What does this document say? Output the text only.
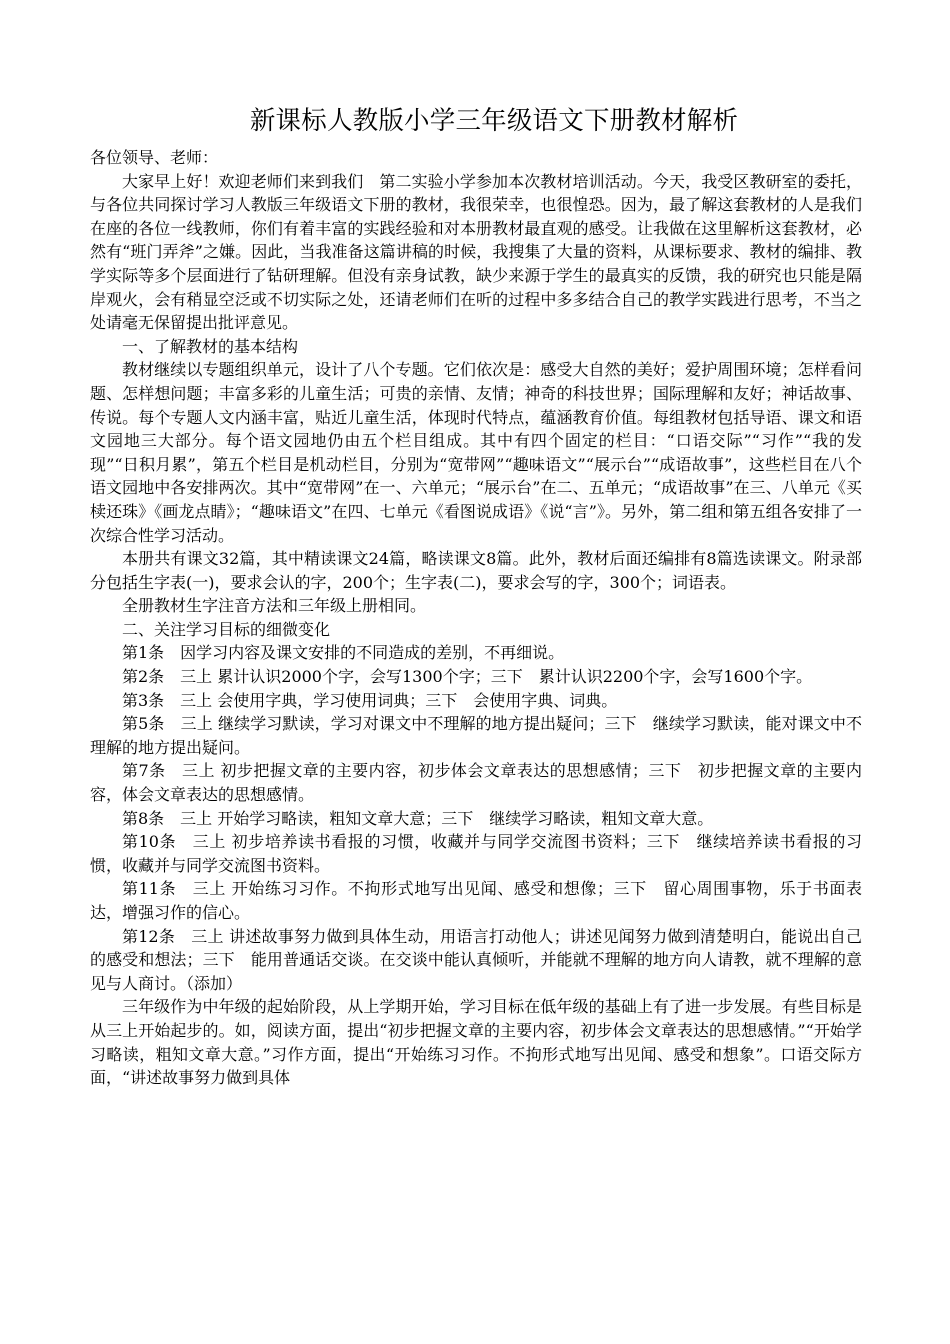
新课标人教版小学三年级语文下册教材解析

各位领导、老师：

大家早上好！欢迎老师们来到我们　第二实验小学参加本次教材培训活动。今天，我受区教研室的委托，与各位共同探讨学习人教版三年级语文下册的教材，我很荣幸，也很惶恐。因为，最了解这套教材的人是我们在座的各位一线教师，你们有着丰富的实践经验和对本册教材最直观的感受。让我做在这里解析这套教材，必然有“班门弄斧”之嫌。因此，当我准备这篇讲稿的时候，我搜集了大量的资料，从课标要求、教材的编排、教学实际等多个层面进行了钻研理解。但没有亲身试教，缺少来源于学生的最真实的反馈，我的研究也只能是隔岸观火，会有稍显空泛或不切实际之处，还请老师们在听的过程中多多结合自己的教学实践进行思考，不当之处请毫无保留提出批评意见。

一、了解教材的基本结构

教材继续以专题组织单元，设计了八个专题。它们依次是：感受大自然的美好；爱护周围环境；怎样看问题、怎样想问题；丰富多彩的儿童生活；可贵的亲情、友情；神奇的科技世界；国际理解和友好；神话故事、传说。每个专题人文内涵丰富，贴近儿童生活，体现时代特点，蕴涵教育价值。每组教材包括导语、课文和语文园地三大部分。每个语文园地仍由五个栏目组成。其中有四个固定的栏目：“口语交际”“习作”“我的发现”“日积月累”，第五个栏目是机动栏目，分别为“宽带网”“趣味语文”“展示台”“成语故事”，这些栏目在八个语文园地中各安排两次。其中“宽带网”在一、六单元；“展示台”在二、五单元；“成语故事”在三、八单元《买椟还珠》《画龙点睛》；“趣味语文”在四、七单元《看图说成语》《说“言”》。另外，第二组和第五组各安排了一次综合性学习活动。

本册共有课文32篇，其中精读课文24篇，略读课文8篇。此外，教材后面还编排有8篇选读课文。附录部分包括生字表(一)，要求会认的字，200个；生字表(二)，要求会写的字，300个；词语表。

全册教材生字注音方法和三年级上册相同。

二、关注学习目标的细微变化

第1条　因学习内容及课文安排的不同造成的差别，不再细说。

第2条　三上 累计认识2000个字，会写1300个字；三下　累计认识2200个字，会写1600个字。

第3条　三上 会使用字典，学习使用词典；三下　会使用字典、词典。

第5条　三上 继续学习默读，学习对课文中不理解的地方提出疑问；三下　继续学习默读，能对课文中不理解的地方提出疑问。

第7条　三上 初步把握文章的主要内容，初步体会文章表达的思想感情；三下　初步把握文章的主要内容，体会文章表达的思想感情。

第8条　三上 开始学习略读，粗知文章大意；三下　继续学习略读，粗知文章大意。

第10条　三上 初步培养读书看报的习惯，收藏并与同学交流图书资料；三下　继续培养读书看报的习惯，收藏并与同学交流图书资料。

第11条　三上 开始练习习作。不拘形式地写出见闻、感受和想像；三下　留心周围事物，乐于书面表达，增强习作的信心。

第12条　三上 讲述故事努力做到具体生动，用语言打动他人；讲述见闻努力做到清楚明白，能说出自己的感受和想法；三下　能用普通话交谈。在交谈中能认真倾听，并能就不理解的地方向人请教，就不理解的意见与人商讨。（添加）

三年级作为中年级的起始阶段，从上学期开始，学习目标在低年级的基础上有了进一步发展。有些目标是从三上开始起步的。如，阅读方面，提出“初步把握文章的主要内容，初步体会文章表达的思想感情。”“开始学习略读，粗知文章大意。”习作方面，提出“开始练习习作。不拘形式地写出见闻、感受和想象”。口语交际方面，“讲述故事努力做到具体
